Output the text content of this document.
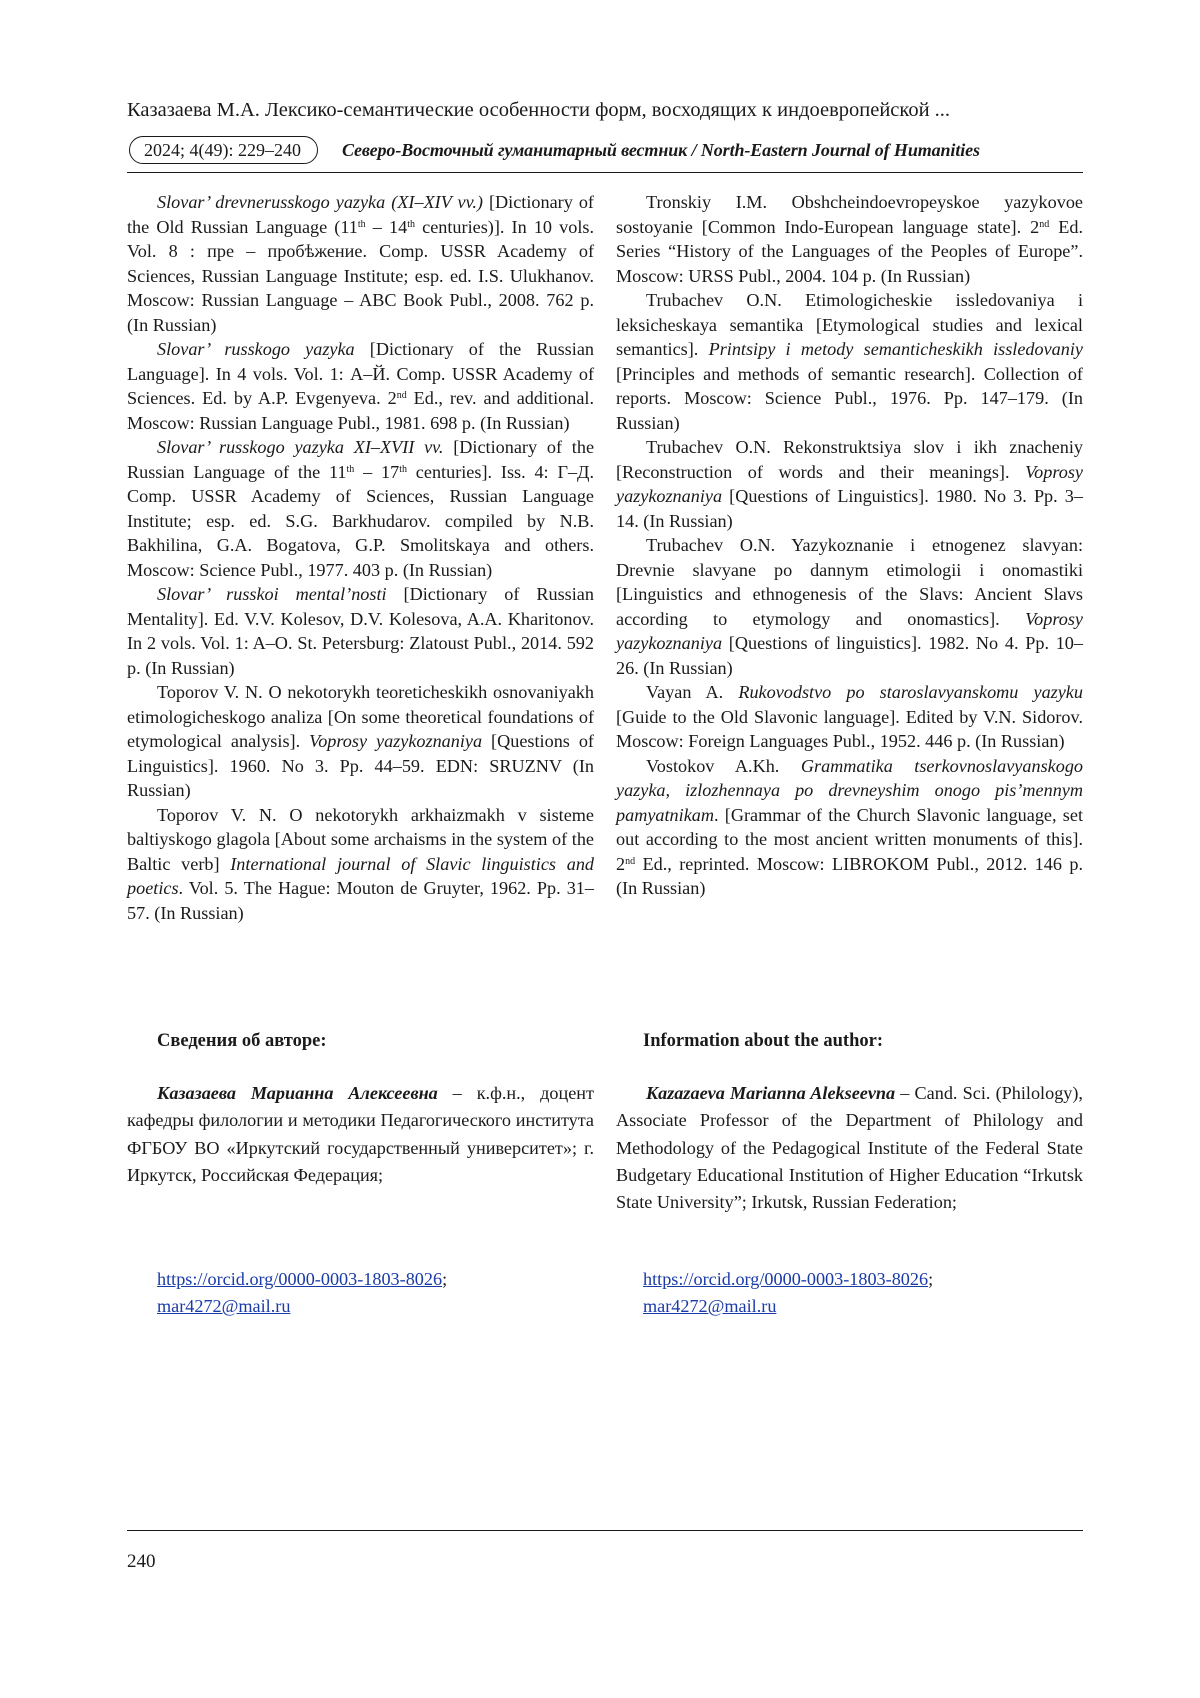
Казазаева М.А. Лексико-семантические особенности форм, восходящих к индоевропейской ...
2024; 4(49): 229–240	Северо-Восточный гуманитарный вестник / North-Eastern Journal of Humanities

Slovar’ drevnerusskogo yazyka (XI–XIV vv.) [Dictionary of the Old Russian Language (11th – 14th centuries)]. In 10 vols. Vol. 8 : пре – пробѣжение. Comp. USSR Academy of Sciences, Russian Language Institute; esp. ed. I.S. Ulukhanov. Moscow: Russian Language – ABC Book Publ., 2008. 762 p. (In Russian)

Slovar’ russkogo yazyka [Dictionary of the Russian Language]. In 4 vols. Vol. 1: А–Й. Comp. USSR Academy of Sciences. Ed. by A.P. Evgenyeva. 2nd Ed., rev. and additional. Moscow: Russian Language Publ., 1981. 698 p. (In Russian)

Slovar’ russkogo yazyka XI–XVII vv. [Dictionary of the Russian Language of the 11th – 17th centuries]. Iss. 4: Г–Д. Comp. USSR Academy of Sciences, Russian Language Institute; esp. ed. S.G. Barkhudarov. compiled by N.B. Bakhilina, G.A. Bogatova, G.P. Smolitskaya and others. Moscow: Science Publ., 1977. 403 p. (In Russian)

Slovar’ russkoi mental’nosti [Dictionary of Russian Mentality]. Ed. V.V. Kolesov, D.V. Kolesova, A.A. Kharitonov. In 2 vols. Vol. 1: A–O. St. Petersburg: Zlatoust Publ., 2014. 592 p. (In Russian)

Toporov V. N. O nekotorykh teoreticheskikh osnovaniyakh etimologicheskogo analiza [On some theoretical foundations of etymological analysis]. Voprosy yazykoznaniya [Questions of Linguistics]. 1960. No 3. Pp. 44–59. EDN: SRUZNV (In Russian)

Toporov V. N. O nekotorykh arkhaizmakh v sisteme baltiyskogo glagola [About some archaisms in the system of the Baltic verb] International journal of Slavic linguistics and poetics. Vol. 5. The Hague: Mouton de Gruyter, 1962. Pp. 31–57. (In Russian)

Tronskiy I.M. Obshcheindoevropeyskoe yazykovoe sostoyanie [Common Indo-European language state]. 2nd Ed. Series “History of the Languages of the Peoples of Europe”. Moscow: URSS Publ., 2004. 104 p. (In Russian)

Trubachev O.N. Etimologicheskie issledovaniya i leksicheskaya semantika [Etymological studies and lexical semantics]. Printsipy i metody semanticheskikh issledovaniy [Principles and methods of semantic research]. Collection of reports. Moscow: Science Publ., 1976. Pp. 147–179. (In Russian)

Trubachev O.N. Rekonstruktsiya slov i ikh znacheniy [Reconstruction of words and their meanings]. Voprosy yazykoznaniya [Questions of Linguistics]. 1980. No 3. Pp. 3–14. (In Russian)

Trubachev O.N. Yazykoznanie i etnogenez slavyan: Drevnie slavyane po dannym etimologii i onomastiki [Linguistics and ethnogenesis of the Slavs: Ancient Slavs according to etymology and onomastics]. Voprosy yazykoznaniya [Questions of linguistics]. 1982. No 4. Pp. 10–26. (In Russian)

Vayan A. Rukovodstvo po staroslavyanskomu yazyku [Guide to the Old Slavonic language]. Edited by V.N. Sidorov. Moscow: Foreign Languages Publ., 1952. 446 p. (In Russian)

Vostokov A.Kh. Grammatika tserkovnoslavyanskogo yazyka, izlozhennaya po drevneyshim onogo pis’mennym pamyatnikam. [Grammar of the Church Slavonic language, set out according to the most ancient written monuments of this]. 2nd Ed., reprinted. Moscow: LIBROKOM Publ., 2012. 146 p. (In Russian)

Сведения об авторе:	Information about the author:
Казазаева Марианна Алексеевна – к.ф.н., доцент кафедры филологии и методики Педагогического института ФГБОУ ВО «Иркутский государственный университет»; г. Иркутск, Российская Федерация;
Kazazaeva Marianna Alekseevna – Cand. Sci. (Philology), Associate Professor of the Department of Philology and Methodology of the Pedagogical Institute of the Federal State Budgetary Educational Institution of Higher Education “Irkutsk State University”; Irkutsk, Russian Federation;
https://orcid.org/0000-0003-1803-8026;
mar4272@mail.ru
https://orcid.org/0000-0003-1803-8026;
mar4272@mail.ru
240
